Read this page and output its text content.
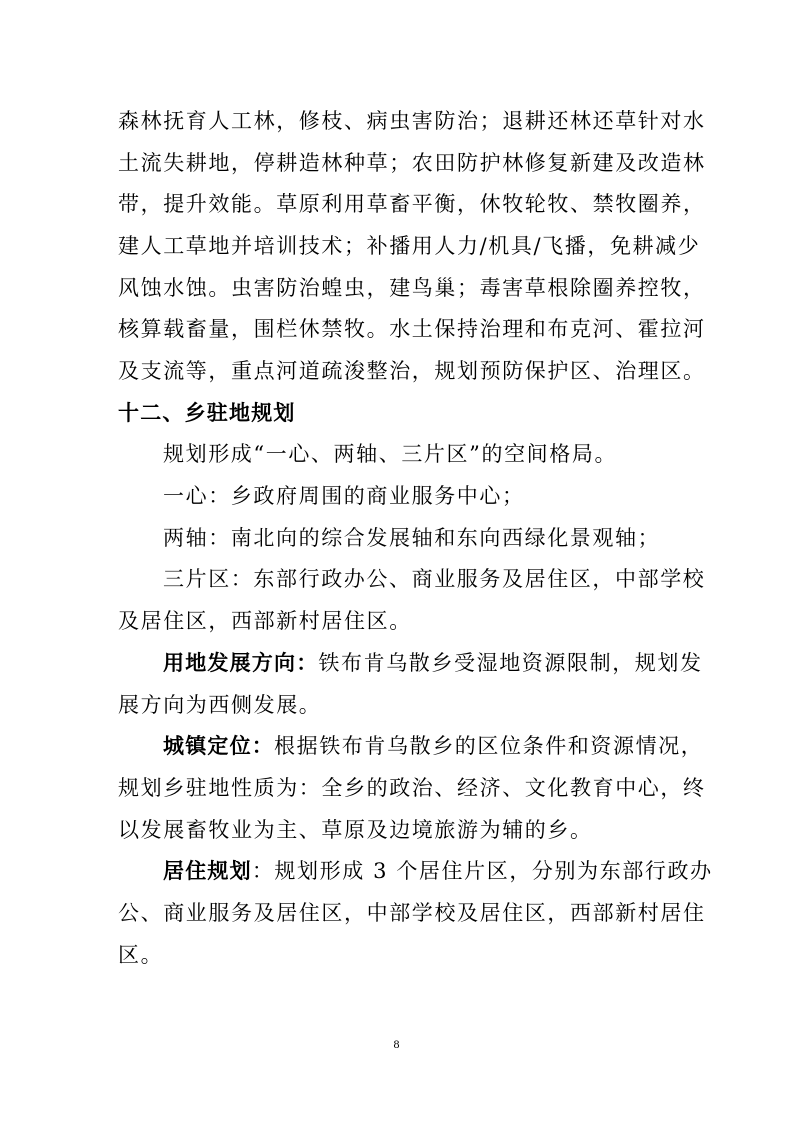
森林抚育人工林，修枝、病虫害防治；退耕还林还草针对水
土流失耕地，停耕造林种草；农田防护林修复新建及改造林
带，提升效能。草原利用草畜平衡，休牧轮牧、禁牧圈养，
建人工草地并培训技术；补播用人力/机具/飞播，免耕减少
风蚀水蚀。虫害防治蝗虫，建鸟巢；毒害草根除圈养控牧，
核算载畜量，围栏休禁牧。水土保持治理和布克河、霍拉河
及支流等，重点河道疏浚整治，规划预防保护区、治理区。
十二、乡驻地规划
规划形成“一心、两轴、三片区”的空间格局。
一心：乡政府周围的商业服务中心；
两轴：南北向的综合发展轴和东向西绿化景观轴；
三片区：东部行政办公、商业服务及居住区，中部学校
及居住区，西部新村居住区。
用地发展方向：铁布肯乌散乡受湿地资源限制，规划发
展方向为西侧发展。
城镇定位：根据铁布肯乌散乡的区位条件和资源情况，
规划乡驻地性质为：全乡的政治、经济、文化教育中心，终
以发展畜牧业为主、草原及边境旅游为辅的乡。
居住规划：规划形成 3 个居住片区，分别为东部行政办
公、商业服务及居住区，中部学校及居住区，西部新村居住
区。
8
